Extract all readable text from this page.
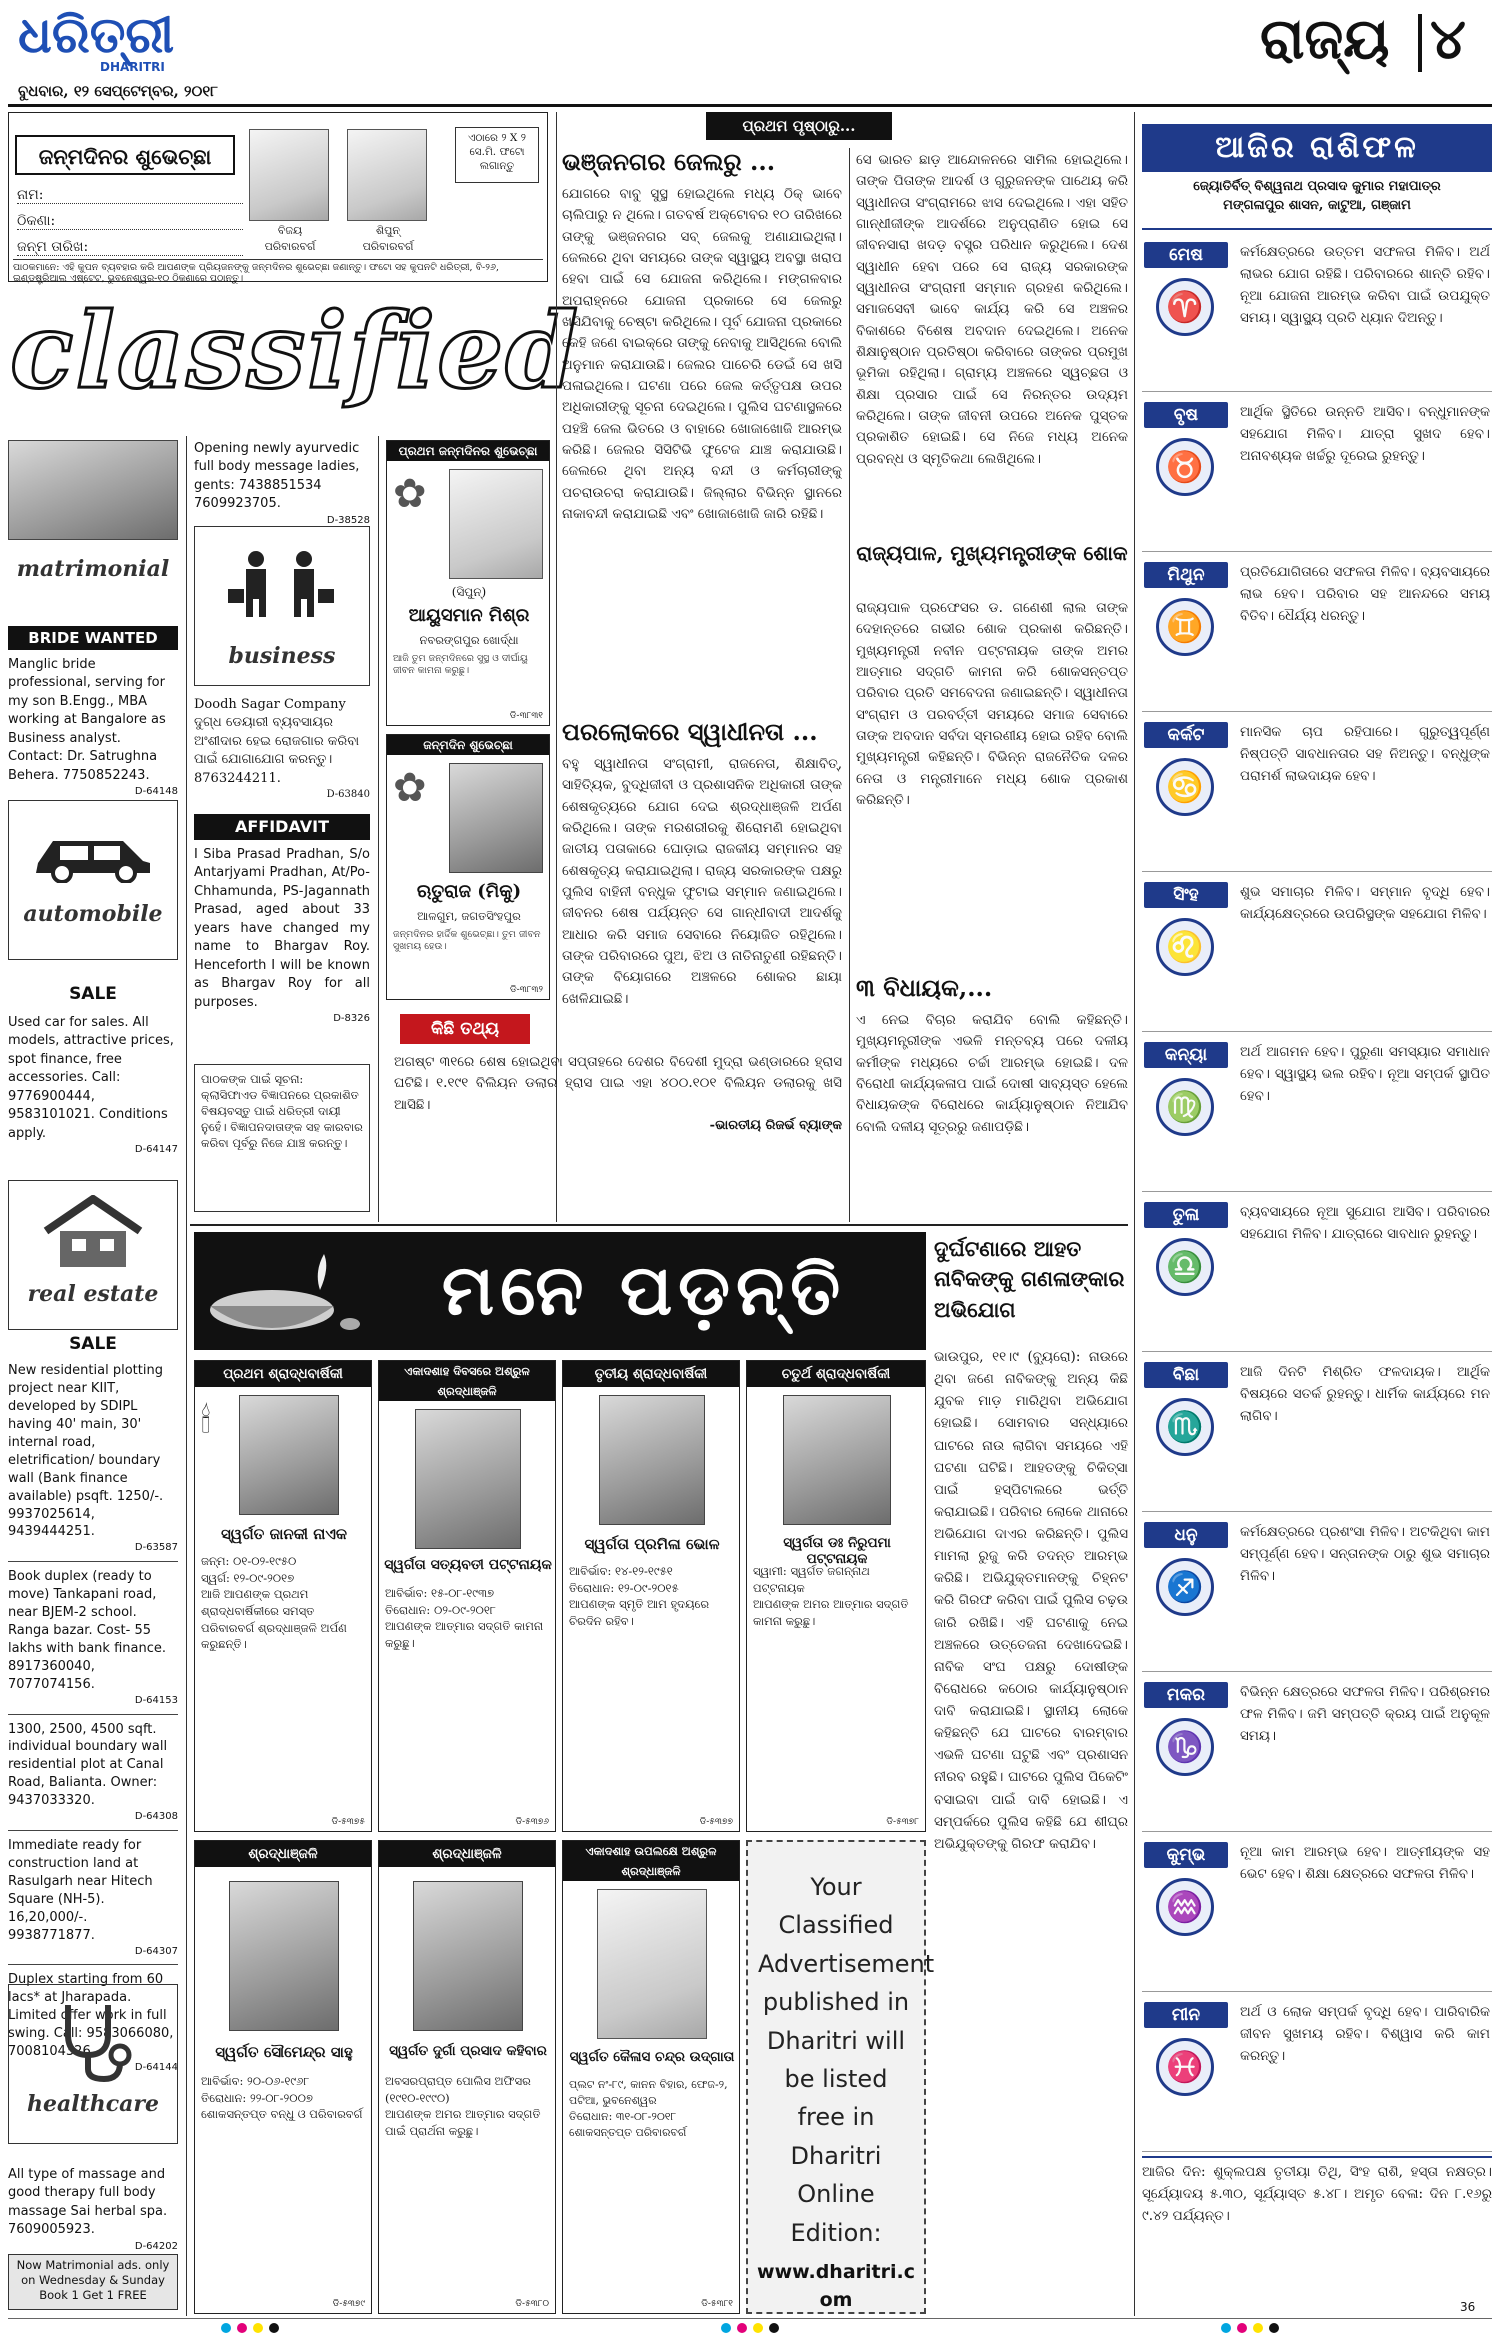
ଧରିତ୍ରୀ
DHARITRI
ବୁଧବାର, ୧୨ ସେପ୍ଟେମ୍ବର, ୨୦୧୮
ରାଜ୍ୟ ୪
ଜନ୍ମଦିନର ଶୁଭେଚ୍ଛା
ନାମ:
ଠିକଣା:
ଜନ୍ମ ତାରିଖ:
ବିଜୟ
ପରିବାରବର୍ଗ
ଶିପୁନ୍
ପରିବାରବର୍ଗ
ଏଠାରେ ୨ X ୨ ସେ.ମି. ଫଟୋ ଲଗାନ୍ତୁ
ପାଠକମାନେ: ଏହି କୁପନ ବ୍ୟବହାର କରି ଆପଣଙ୍କ ପ୍ରିୟଜନଙ୍କୁ ଜନ୍ମଦିନର ଶୁଭେଚ୍ଛା ଜଣାନ୍ତୁ। ଫଟୋ ସହ କୁପନଟି ଧରିତ୍ରୀ, ବି-୨୬, ଇଣ୍ଡଷ୍ଟ୍ରିଆଲ ଏଷ୍ଟେଟ, ଭୁବନେଶ୍ୱର-୧୦ ଠିକଣାରେ ପଠାନ୍ତୁ।
classified
matrimonial
BRIDE WANTED
Manglic bride professional, serving for my son B.Engg., MBA working at Bangalore as Business analyst. Contact: Dr. Satrughna Behera. 7750852243.
D-64148
automobile
SALE
Used car for sales. All models, attractive prices, spot finance, free accessories. Call: 9776900444, 9583101021. Conditions apply.
D-64147
real estate
SALE
New residential plotting project near KIIT, developed by SDIPL having 40' main, 30' internal road, eletrification/ boundary wall (Bank finance available) psqft. 1250/-. 9937025614, 9439444251.
D-63587
Book duplex (ready to move) Tankapani road, near BJEM-2 school. Ranga bazar. Cost- 55 lakhs with bank finance. 8917360040, 7077074156.
D-64153
1300, 2500, 4500 sqft. individual boundary wall residential plot at Canal Road, Balianta. Owner: 9437033320.
D-64308
Immediate ready for construction land at Rasulgarh near Hitech Square (NH-5). 16,20,000/-. 9938771877.
D-64307
Duplex starting from 60 lacs* at Jharapada. Limited offer work in full swing. Call: 9583066080, 7008104326.
D-64144
healthcare
All type of massage and good therapy full body massage Sai herbal spa. 7609005923.
D-64202
Now Matrimonial ads. only on Wednesday & Sunday Book 1 Get 1 FREE
Opening newly ayurvedic full body message ladies, gents: 7438851534 7609923705.
D-38528
business
Doodh Sagar Company ଦୁଗ୍ଧ ଡେୟାରୀ ବ୍ୟବସାୟର ଅଂଶୀଦାର ହେଇ ରୋଜଗାର କରିବା ପାଇଁ ଯୋଗାଯୋଗ କରନ୍ତୁ। 8763244211.
D-63840
AFFIDAVIT
I Siba Prasad Pradhan, S/o Antarjyami Pradhan, At/Po-Chhamunda, PS-Jagannath Prasad, aged about 33 years have changed my name to Bhargav Roy. Henceforth I will be known as Bhargav Roy for all purposes.
D-8326
ପାଠକଙ୍କ ପାଇଁ ସୂଚନା: କ୍ଲାସିଫାଏଡ ବିଜ୍ଞାପନରେ ପ୍ରକାଶିତ ବିଷୟବସ୍ତୁ ପାଇଁ ଧରିତ୍ରୀ ଦାୟୀ ନୁହେଁ। ବିଜ୍ଞାପନଦାତାଙ୍କ ସହ କାରବାର କରିବା ପୂର୍ବରୁ ନିଜେ ଯାଞ୍ଚ କରନ୍ତୁ।
ପ୍ରଥମ ଜନ୍ମଦିନର ଶୁଭେଚ୍ଛା
✿
(ସିପୁନ୍)
ଆୟୁସମାନ ମିଶ୍ର
ନବରଙ୍ଗପୁର ଖୋର୍ଦ୍ଧା
ଆଜି ତୁମ ଜନ୍ମଦିନରେ ସୁସ୍ଥ ଓ ଦୀର୍ଘାୟୁ ଜୀବନ କାମନା କରୁଛୁ।
ଡି-୩୮୩୧
ଜନ୍ମଦିନ ଶୁଭେଚ୍ଛା
✿
ଋତୁରାଜ (ମିକୁ)
ଆଳଗୁମ, ଜଗତସିଂହପୁର
ଜନ୍ମଦିନର ହାର୍ଦ୍ଦିକ ଶୁଭେଚ୍ଛା। ତୁମ ଜୀବନ ସୁଖମୟ ହେଉ।
ଡି-୩୮୩୨
କିଛି ତଥ୍ୟ
ପ୍ରଥମ ପୃଷ୍ଠାରୁ...
ଭଞ୍ଜନଗର ଜେଲରୁ ...
ଯୋଗରେ ବାବୁ ସୁସ୍ଥ ହୋଇଥିଲେ ମଧ୍ୟ ଠିକ୍ ଭାବେ ଚାଲିପାରୁ ନ ଥିଲେ। ଗତବର୍ଷ ଅକ୍ଟୋବର ୧୦ ତାରିଖରେ ତାଙ୍କୁ ଭଞ୍ଜନଗର ସବ୍‌ ଜେଲକୁ ଅଣାଯାଇଥିଲା। ଜେଲରେ ଥିବା ସମୟରେ ତାଙ୍କ ସ୍ୱାସ୍ଥ୍ୟ ଅବସ୍ଥା ଖରାପ ହେବା ପାଇଁ ସେ ଯୋଜନା କରିଥିଲେ। ମଙ୍ଗଳବାର ଅପରାହ୍ନରେ ଯୋଜନା ପ୍ରକାରେ ସେ ଜେଲରୁ ଖସିଯିବାକୁ ଚେଷ୍ଟା କରିଥିଲେ। ପୂର୍ବ ଯୋଜନା ପ୍ରକାରେ କେହି ଜଣେ ବାଇକ୍‌ରେ ତାଙ୍କୁ ନେବାକୁ ଆସିଥିଲେ ବୋଲି ଅନୁମାନ କରାଯାଉଛି। ଜେଲର ପାଚେରି ଡେଇଁ ସେ ଖସି ପଳାଇଥିଲେ। ଘଟଣା ପରେ ଜେଲ କର୍ତ୍ତୃପକ୍ଷ ଉପର ଅଧିକାରୀଙ୍କୁ ସୂଚନା ଦେଇଥିଲେ। ପୁଲିସ ଘଟଣାସ୍ଥଳରେ ପହଞ୍ଚି ଜେଲ ଭିତରେ ଓ ବାହାରେ ଖୋଜାଖୋଜି ଆରମ୍ଭ କରିଛି। ଜେଲର ସିସିଟିଭି ଫୁଟେଜ ଯାଞ୍ଚ କରାଯାଉଛି। ଜେଲରେ ଥିବା ଅନ୍ୟ ବନ୍ଦୀ ଓ କର୍ମଚାରୀଙ୍କୁ ପଚରାଉଚରା କରାଯାଉଛି। ଜିଲ୍ଲାର ବିଭିନ୍ନ ସ୍ଥାନରେ ନାକାବନ୍ଦୀ କରାଯାଇଛି ଏବଂ ଖୋଜାଖୋଜି ଜାରି ରହିଛି।
ପରଲୋକରେ ସ୍ୱାଧୀନତା ...
ବହୁ ସ୍ୱାଧୀନତା ସଂଗ୍ରାମୀ, ରାଜନେତା, ଶିକ୍ଷାବିତ୍‌, ସାହିତ୍ୟିକ, ବୁଦ୍ଧିଜୀବୀ ଓ ପ୍ରଶାସନିକ ଅଧିକାରୀ ତାଙ୍କ ଶେଷକୃତ୍ୟରେ ଯୋଗ ଦେଇ ଶ୍ରଦ୍ଧାଞ୍ଜଳି ଅର୍ପଣ କରିଥିଲେ। ତାଙ୍କ ମରଶରୀରକୁ ଶିରୋମଣି ହୋଇଥିବା ଜାତୀୟ ପତାକାରେ ଘୋଡ଼ାଇ ରାଜକୀୟ ସମ୍ମାନର ସହ ଶେଷକୃତ୍ୟ କରାଯାଇଥିଲା। ରାଜ୍ୟ ସରକାରଙ୍କ ପକ୍ଷରୁ ପୁଲିସ ବାହିନୀ ବନ୍ଧୁକ ଫୁଟାଇ ସମ୍ମାନ ଜଣାଇଥିଲେ। ଜୀବନର ଶେଷ ପର୍ଯ୍ୟନ୍ତ ସେ ଗାନ୍ଧୀବାଦୀ ଆଦର୍ଶକୁ ଆଧାର କରି ସମାଜ ସେବାରେ ନିୟୋଜିତ ରହିଥିଲେ। ତାଙ୍କ ପରିବାରରେ ପୁଅ, ଝିଅ ଓ ନାତିନାତୁଣୀ ରହିଛନ୍ତି। ତାଙ୍କ ବିୟୋଗରେ ଅଞ୍ଚଳରେ ଶୋକର ଛାୟା ଖେଳିଯାଇଛି।
ଅଗଷ୍ଟ ୩୧ରେ ଶେଷ ହୋଇଥିବା ସପ୍ତାହରେ ଦେଶର ବିଦେଶୀ ମୁଦ୍ରା ଭଣ୍ଡାରରେ ହ୍ରାସ ଘଟିଛି। ୧.୧୯୧ ବିଲିୟନ ଡଲାର ହ୍ରାସ ପାଇ ଏହା ୪୦୦.୧୦୧ ବିଲିୟନ ଡଲାରକୁ ଖସି ଆସିଛି।
-ଭାରତୀୟ ରିଜର୍ଭ ବ୍ୟାଙ୍କ
ସେ ଭାରତ ଛାଡ଼ ଆନ୍ଦୋଳନରେ ସାମିଲ ହୋଇଥିଲେ। ତାଙ୍କ ପିତାଙ୍କ ଆଦର୍ଶ ଓ ଗୁରୁଜନଙ୍କ ପାଥେୟ କରି ସ୍ୱାଧୀନତା ସଂଗ୍ରାମରେ ଝାସ ଦେଇଥିଲେ। ଏହା ସହିତ ଗାନ୍ଧୀଜୀଙ୍କ ଆଦର୍ଶରେ ଅନୁପ୍ରାଣିତ ହୋଇ ସେ ଜୀବନସାରା ଖଦଡ଼ ବସ୍ତ୍ର ପରିଧାନ କରୁଥିଲେ। ଦେଶ ସ୍ୱାଧୀନ ହେବା ପରେ ସେ ରାଜ୍ୟ ସରକାରଙ୍କ ସ୍ୱାଧୀନତା ସଂଗ୍ରାମୀ ସମ୍ମାନ ଗ୍ରହଣ କରିଥିଲେ। ସମାଜସେବୀ ଭାବେ କାର୍ଯ୍ୟ କରି ସେ ଅଞ୍ଚଳର ବିକାଶରେ ବିଶେଷ ଅବଦାନ ଦେଇଥିଲେ। ଅନେକ ଶିକ୍ଷାନୁଷ୍ଠାନ ପ୍ରତିଷ୍ଠା କରିବାରେ ତାଙ୍କର ପ୍ରମୁଖ ଭୂମିକା ରହିଥିଲା। ଗ୍ରାମ୍ୟ ଅଞ୍ଚଳରେ ସ୍ୱଚ୍ଛତା ଓ ଶିକ୍ଷା ପ୍ରସାର ପାଇଁ ସେ ନିରନ୍ତର ଉଦ୍ୟମ କରିଥିଲେ। ତାଙ୍କ ଜୀବନୀ ଉପରେ ଅନେକ ପୁସ୍ତକ ପ୍ରକାଶିତ ହୋଇଛି। ସେ ନିଜେ ମଧ୍ୟ ଅନେକ ପ୍ରବନ୍ଧ ଓ ସ୍ମୃତିକଥା ଲେଖିଥିଲେ।
ରାଜ୍ୟପାଳ, ମୁଖ୍ୟମନ୍ତ୍ରୀଙ୍କ ଶୋକ
ରାଜ୍ୟପାଳ ପ୍ରଫେସର ଡ. ଗଣେଶୀ ଲାଲ ତାଙ୍କ ଦେହାନ୍ତରେ ଗଭୀର ଶୋକ ପ୍ରକାଶ କରିଛନ୍ତି। ମୁଖ୍ୟମନ୍ତ୍ରୀ ନବୀନ ପଟ୍ଟନାୟକ ତାଙ୍କ ଅମର ଆତ୍ମାର ସଦ୍‌ଗତି କାମନା କରି ଶୋକସନ୍ତପ୍ତ ପରିବାର ପ୍ରତି ସମବେଦନା ଜଣାଇଛନ୍ତି। ସ୍ୱାଧୀନତା ସଂଗ୍ରାମ ଓ ପରବର୍ତ୍ତୀ ସମୟରେ ସମାଜ ସେବାରେ ତାଙ୍କ ଅବଦାନ ସର୍ବଦା ସ୍ମରଣୀୟ ହୋଇ ରହିବ ବୋଲି ମୁଖ୍ୟମନ୍ତ୍ରୀ କହିଛନ୍ତି। ବିଭିନ୍ନ ରାଜନୈତିକ ଦଳର ନେତା ଓ ମନ୍ତ୍ରୀମାନେ ମଧ୍ୟ ଶୋକ ପ୍ରକାଶ କରିଛନ୍ତି।
୩ ବିଧାୟକ,...
ଏ ନେଇ ବିଚାର କରାଯିବ ବୋଲି କହିଛନ୍ତି। ମୁଖ୍ୟମନ୍ତ୍ରୀଙ୍କ ଏଭଳି ମନ୍ତବ୍ୟ ପରେ ଦଳୀୟ କର୍ମୀଙ୍କ ମଧ୍ୟରେ ଚର୍ଚ୍ଚା ଆରମ୍ଭ ହୋଇଛି। ଦଳ ବିରୋଧୀ କାର୍ଯ୍ୟକଳାପ ପାଇଁ ଦୋଷୀ ସାବ୍ୟସ୍ତ ହେଲେ ବିଧାୟକଙ୍କ ବିରୋଧରେ କାର୍ଯ୍ୟାନୁଷ୍ଠାନ ନିଆଯିବ ବୋଲି ଦଳୀୟ ସୂତ୍ରରୁ ଜଣାପଡ଼ିଛି।
ମନେ ପଡ଼ନ୍ତି
ପ୍ରଥମ ଶ୍ରାଦ୍ଧବାର୍ଷିକୀ
🕯
ସ୍ୱର୍ଗତ ଜାନକୀ ନାଏକ
ଜନ୍ମ: ୦୧-୦୨-୧୯୫୦
ସ୍ୱର୍ଗ: ୧୨-୦୯-୨୦୧୭
ଆଜି ଆପଣଙ୍କ ପ୍ରଥମ ଶ୍ରାଦ୍ଧବାର୍ଷିକୀରେ ସମସ୍ତ ପରିବାରବର୍ଗ ଶ୍ରଦ୍ଧାଞ୍ଜଳି ଅର୍ପଣ କରୁଛନ୍ତି।
ଡି-୫୩୭୫
ଏକାଦଶାହ ଦିବସରେ ଅଶ୍ରୁଳ ଶ୍ରଦ୍ଧାଞ୍ଜଳି
ସ୍ୱର୍ଗତା ସତ୍ୟବତୀ ପଟ୍ଟନାୟକ
ଆବିର୍ଭାବ: ୧୫-୦୮-୧୯୩୭
ତିରୋଧାନ: ୦୨-୦୯-୨୦୧୮
ଆପଣଙ୍କ ଆତ୍ମାର ସଦ୍‌ଗତି କାମନା କରୁଛୁ।
ଡି-୫୩୭୬
ତୃତୀୟ ଶ୍ରାଦ୍ଧବାର୍ଷିକୀ
ସ୍ୱର୍ଗତା ପ୍ରମିଳା ଭୋଳ
ଆବିର୍ଭାବ: ୧୪-୧୨-୧୯୫୧
ତିରୋଧାନ: ୧୨-୦୯-୨୦୧୫
ଆପଣଙ୍କ ସ୍ମୃତି ଆମ ହୃଦୟରେ ଚିରଦିନ ରହିବ।
ଡି-୫୩୭୭
ଚତୁର୍ଥ ଶ୍ରାଦ୍ଧବାର୍ଷିକୀ
ସ୍ୱର୍ଗତା ଡଃ ନିରୁପମା ପଟ୍ଟନାୟକ
ସ୍ୱାମୀ: ସ୍ୱର୍ଗତ ଜଗନ୍ନାଥ ପଟ୍ଟନାୟକ
ଆପଣଙ୍କ ଅମର ଆତ୍ମାର ସଦ୍‌ଗତି କାମନା କରୁଛୁ।
ଡି-୫୩୭୮
ଶ୍ରଦ୍ଧାଞ୍ଜଳି
ସ୍ୱର୍ଗତ ସୌମେନ୍ଦ୍ର ସାହୁ
ଆବିର୍ଭାବ: ୨୦-୦୬-୧୯୬୮
ତିରୋଧାନ: ୨୨-୦୮-୨୦୦୭
ଶୋକସନ୍ତପ୍ତ ବନ୍ଧୁ ଓ ପରିବାରବର୍ଗ
ଡି-୫୩୭୯
ଶ୍ରଦ୍ଧାଞ୍ଜଳି
ସ୍ୱର୍ଗତ ଦୁର୍ଗା ପ୍ରସାଦ କହିବାର
ଅବସରପ୍ରାପ୍ତ ପୋଲିସ ଅଫିସର
(୧୯୧୦-୧୯୯୦)
ଆପଣଙ୍କ ଅମର ଆତ୍ମାର ସଦ୍‌ଗତି ପାଇଁ ପ୍ରାର୍ଥନା କରୁଛୁ।
ଡି-୫୩୮୦
ଏକାଦଶାହ ଉପଲକ୍ଷେ ଅଶ୍ରୁଳ ଶ୍ରଦ୍ଧାଞ୍ଜଳି
ସ୍ୱର୍ଗତ କୈଳାସ ଚନ୍ଦ୍ର ଉଦ୍ଗାତା
ପ୍ଲଟ ନଂ-୮୯, କାନନ ବିହାର, ଫେଜ-୨, ପଟିଆ, ଭୁବନେଶ୍ୱର
ତିରୋଧାନ: ୩୧-୦୮-୨୦୧୮
ଶୋକସନ୍ତପ୍ତ ପରିବାରବର୍ଗ
ଡି-୫୩୮୧
Your Classified Advertisement published in Dharitri will be listed free in Dharitri Online Edition:
www.dharitri.com
ଦୁର୍ଘଟଣାରେ ଆହତ ନାବିକଙ୍କୁ ଗଣଳାଙ୍କାର ଅଭିଯୋଗ
ଭାଉପୁର, ୧୧।୯ (ବ୍ୟୁରୋ): ନାଉରେ ଥିବା ଜଣେ ନାବିକଙ୍କୁ ଅନ୍ୟ କିଛି ଯୁବକ ମାଡ଼ ମାରିଥିବା ଅଭିଯୋଗ ହୋଇଛି। ସୋମବାର ସନ୍ଧ୍ୟାରେ ଘାଟରେ ନାଉ ଲାଗିବା ସମୟରେ ଏହି ଘଟଣା ଘଟିଛି। ଆହତଙ୍କୁ ଚିକିତ୍ସା ପାଇଁ ହସ୍ପିଟାଲରେ ଭର୍ତ୍ତି କରାଯାଇଛି। ପରିବାର ଲୋକେ ଥାନାରେ ଅଭିଯୋଗ ଦାଏର କରିଛନ୍ତି। ପୁଲିସ ମାମଲା ରୁଜୁ କରି ତଦନ୍ତ ଆରମ୍ଭ କରିଛି। ଅଭିଯୁକ୍ତମାନଙ୍କୁ ଚିହ୍ନଟ କରି ଗିରଫ କରିବା ପାଇଁ ପୁଲିସ ଚଢ଼ଉ ଜାରି ରଖିଛି। ଏହି ଘଟଣାକୁ ନେଇ ଅଞ୍ଚଳରେ ଉତ୍ତେଜନା ଦେଖାଦେଇଛି। ନାବିକ ସଂଘ ପକ୍ଷରୁ ଦୋଷୀଙ୍କ ବିରୋଧରେ କଠୋର କାର୍ଯ୍ୟାନୁଷ୍ଠାନ ଦାବି କରାଯାଇଛି। ସ୍ଥାନୀୟ ଲୋକେ କହିଛନ୍ତି ଯେ ଘାଟରେ ବାରମ୍ବାର ଏଭଳି ଘଟଣା ଘଟୁଛି ଏବଂ ପ୍ରଶାସନ ନୀରବ ରହୁଛି। ଘାଟରେ ପୁଲିସ ପିକେଟିଂ ବସାଇବା ପାଇଁ ଦାବି ହୋଇଛି। ଏ ସମ୍ପର୍କରେ ପୁଲିସ କହିଛି ଯେ ଶୀଘ୍ର ଅଭିଯୁକ୍ତଙ୍କୁ ଗିରଫ କରାଯିବ।
ଆଜିର ରାଶିଫଳ
ଜ୍ୟୋତିର୍ବିତ୍ ବିଶ୍ୱନାଥ ପ୍ରସାଦ କୁମାର ମହାପାତ୍ର
ମଙ୍ଗଳାପୁର ଶାସନ, କାଟୁଆ, ଗଞ୍ଜାମ
ମେଷ
♈
କର୍ମକ୍ଷେତ୍ରରେ ଉତ୍ତମ ସଫଳତା ମିଳିବ। ଅର୍ଥ ଲାଭର ଯୋଗ ରହିଛି। ପରିବାରରେ ଶାନ୍ତି ରହିବ। ନୂଆ ଯୋଜନା ଆରମ୍ଭ କରିବା ପାଇଁ ଉପଯୁକ୍ତ ସମୟ। ସ୍ୱାସ୍ଥ୍ୟ ପ୍ରତି ଧ୍ୟାନ ଦିଅନ୍ତୁ।
ବୃଷ
♉
ଆର୍ଥିକ ସ୍ଥିତିରେ ଉନ୍ନତି ଆସିବ। ବନ୍ଧୁମାନଙ୍କ ସହଯୋଗ ମିଳିବ। ଯାତ୍ରା ସୁଖଦ ହେବ। ଅନାବଶ୍ୟକ ଖର୍ଚ୍ଚରୁ ଦୂରେଇ ରୁହନ୍ତୁ।
ମିଥୁନ
♊
ପ୍ରତିଯୋଗିତାରେ ସଫଳତା ମିଳିବ। ବ୍ୟବସାୟରେ ଲାଭ ହେବ। ପରିବାର ସହ ଆନନ୍ଦରେ ସମୟ ବିତିବ। ଧୈର୍ଯ୍ୟ ଧରନ୍ତୁ।
କର୍କଟ
♋
ମାନସିକ ଚାପ ରହିପାରେ। ଗୁରୁତ୍ୱପୂର୍ଣ୍ଣ ନିଷ୍ପତ୍ତି ସାବଧାନତାର ସହ ନିଅନ୍ତୁ। ବନ୍ଧୁଙ୍କ ପରାମର୍ଶ ଲାଭଦାୟକ ହେବ।
ସିଂହ
♌
ଶୁଭ ସମାଚାର ମିଳିବ। ସମ୍ମାନ ବୃଦ୍ଧି ହେବ। କାର୍ଯ୍ୟକ୍ଷେତ୍ରରେ ଉପରିସ୍ଥଙ୍କ ସହଯୋଗ ମିଳିବ।
କନ୍ୟା
♍
ଅର୍ଥ ଆଗମନ ହେବ। ପୁରୁଣା ସମସ୍ୟାର ସମାଧାନ ହେବ। ସ୍ୱାସ୍ଥ୍ୟ ଭଲ ରହିବ। ନୂଆ ସମ୍ପର୍କ ସ୍ଥାପିତ ହେବ।
ତୁଳା
♎
ବ୍ୟବସାୟରେ ନୂଆ ସୁଯୋଗ ଆସିବ। ପରିବାରର ସହଯୋଗ ମିଳିବ। ଯାତ୍ରାରେ ସାବଧାନ ରୁହନ୍ତୁ।
ବିଛା
♏
ଆଜି ଦିନଟି ମିଶ୍ରିତ ଫଳଦାୟକ। ଆର୍ଥିକ ବିଷୟରେ ସତର୍କ ରୁହନ୍ତୁ। ଧାର୍ମିକ କାର୍ଯ୍ୟରେ ମନ ଲାଗିବ।
ଧନୁ
♐
କର୍ମକ୍ଷେତ୍ରରେ ପ୍ରଶଂସା ମିଳିବ। ଅଟକିଥିବା କାମ ସମ୍ପୂର୍ଣ୍ଣ ହେବ। ସନ୍ତାନଙ୍କ ଠାରୁ ଶୁଭ ସମାଚାର ମିଳିବ।
ମକର
♑
ବିଭିନ୍ନ କ୍ଷେତ୍ରରେ ସଫଳତା ମିଳିବ। ପରିଶ୍ରମର ଫଳ ମିଳିବ। ଜମି ସମ୍ପତ୍ତି କ୍ରୟ ପାଇଁ ଅନୁକୂଳ ସମୟ।
କୁମ୍ଭ
♒
ନୂଆ କାମ ଆରମ୍ଭ ହେବ। ଆତ୍ମୀୟଙ୍କ ସହ ଭେଟ ହେବ। ଶିକ୍ଷା କ୍ଷେତ୍ରରେ ସଫଳତା ମିଳିବ।
ମୀନ
♓
ଅର୍ଥ ଓ ଲୋକ ସମ୍ପର୍କ ବୃଦ୍ଧି ହେବ। ପାରିବାରିକ ଜୀବନ ସୁଖମୟ ରହିବ। ବିଶ୍ୱାସ କରି କାମ କରନ୍ତୁ।
ଆଜିର ଦିନ: ଶୁକ୍ଲପକ୍ଷ ତୃତୀୟା ତିଥି, ସିଂହ ରାଶି, ହସ୍ତା ନକ୍ଷତ୍ର। ସୂର୍ଯ୍ୟୋଦୟ ୫.୩୦, ସୂର୍ଯ୍ୟାସ୍ତ ୫.୪୮। ଅମୃତ ବେଳା: ଦିନ ୮.୧୬ରୁ ୯.୪୨ ପର୍ଯ୍ୟନ୍ତ।
36
